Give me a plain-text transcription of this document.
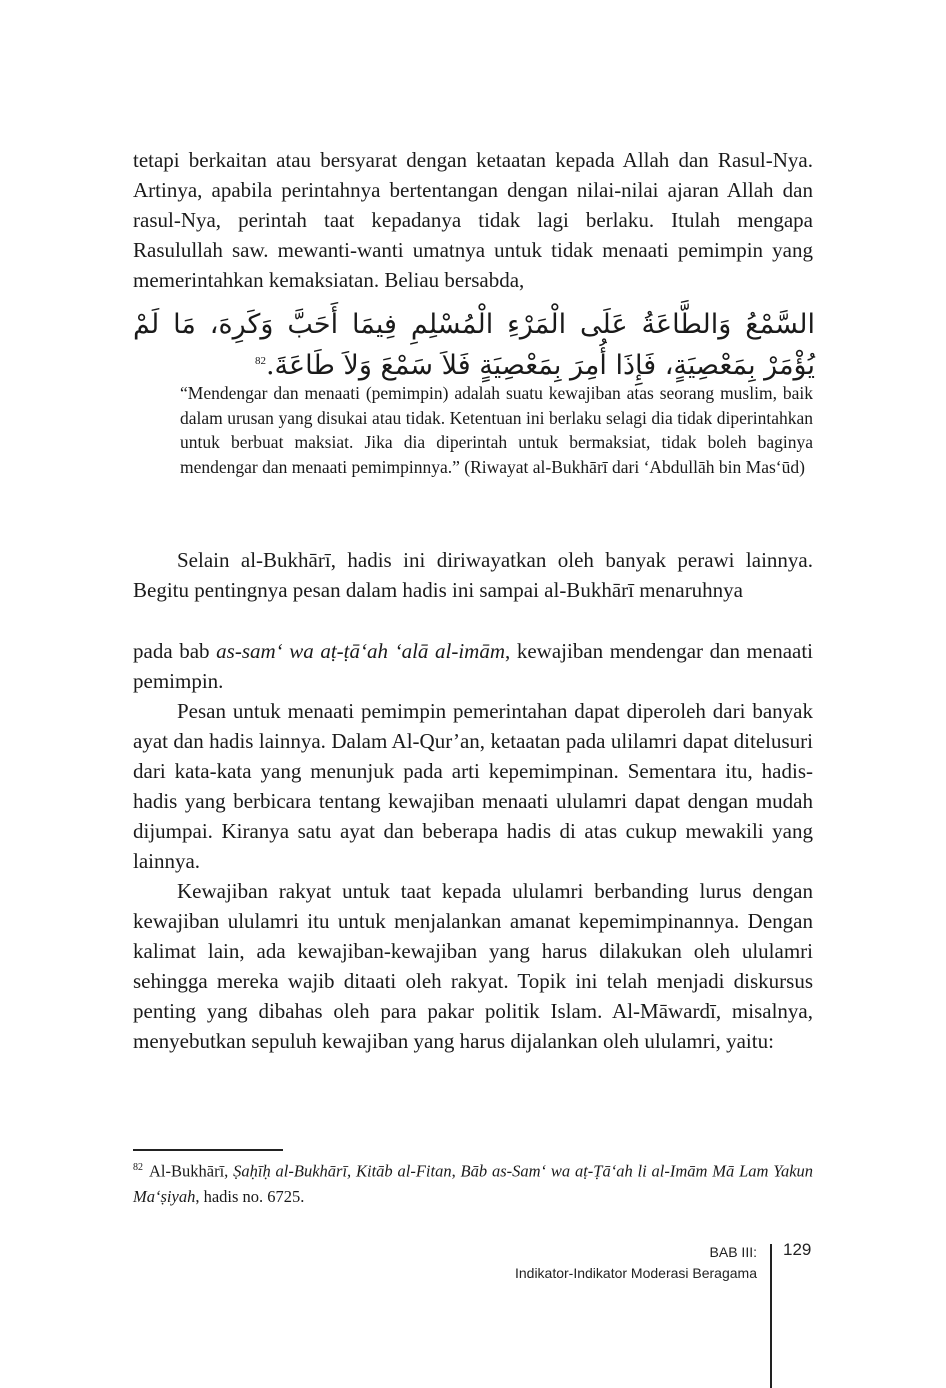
tetapi berkaitan atau bersyarat dengan ketaatan kepada Allah dan Rasul-Nya. Artinya, apabila perintahnya bertentangan dengan nilai-nilai ajaran Allah dan rasul-Nya, perintah taat kepadanya tidak lagi berlaku. Itulah mengapa Rasulullah saw. mewanti-wanti umatnya untuk tidak menaati pemimpin yang memerintahkan kemaksiatan. Beliau bersabda,

السَّمْعُ وَالطَّاعَةُ عَلَى الْمَرْءِ الْمُسْلِمِ فِيمَا أَحَبَّ وَكَرِهَ، مَا لَمْ يُؤْمَرْ بِمَعْصِيَةٍ، فَإِذَا أُمِرَ بِمَعْصِيَةٍ فَلاَ سَمْعَ وَلاَ طَاعَةَ.$^{82}$
“Mendengar dan menaati (pemimpin) adalah suatu kewajiban atas seorang muslim, baik dalam urusan yang disukai atau tidak. Ketentuan ini berlaku selagi dia tidak diperintahkan untuk berbuat maksiat. Jika dia diperintah untuk bermaksiat, tidak boleh baginya mendengar dan menaati pemimpinnya.” (Riwayat al-Bukhārī dari ‘Abdullāh bin Mas‘ūd)

Selain al-Bukhārī, hadis ini diriwayatkan oleh banyak perawi lainnya. Begitu pentingnya pesan dalam hadis ini sampai al-Bukhārī menaruhnya

pada bab as-sam‘ wa aṭ-ṭā‘ah ‘alā al-imām, kewajiban mendengar dan menaati pemimpin.

Pesan untuk menaati pemimpin pemerintahan dapat diperoleh dari banyak ayat dan hadis lainnya. Dalam Al-Qur’an, ketaatan pada ulilamri dapat ditelusuri dari kata-kata yang menunjuk pada arti kepemimpinan. Sementara itu, hadis-hadis yang berbicara tentang kewajiban menaati ululamri dapat dengan mudah dijumpai. Kiranya satu ayat dan beberapa hadis di atas cukup mewakili yang lainnya.

Kewajiban rakyat untuk taat kepada ululamri berbanding lurus dengan kewajiban ululamri itu untuk menjalankan amanat kepemimpinannya. Dengan kalimat lain, ada kewajiban-kewajiban yang harus dilakukan oleh ululamri sehingga mereka wajib ditaati oleh rakyat. Topik ini telah menjadi diskursus penting yang dibahas oleh para pakar politik Islam. Al-Māwardī, misalnya, menyebutkan sepuluh kewajiban yang harus dijalankan oleh ululamri, yaitu:

$^{82}$ Al-Bukhārī, Ṣaḥīḥ al-Bukhārī, Kitāb al-Fitan, Bāb as-Sam‘ wa aṭ-Ṭā‘ah li al-Imām Mā Lam Yakun Ma‘ṣiyah, hadis no. 6725.
BAB III:
Indikator-Indikator Moderasi Beragama
129
